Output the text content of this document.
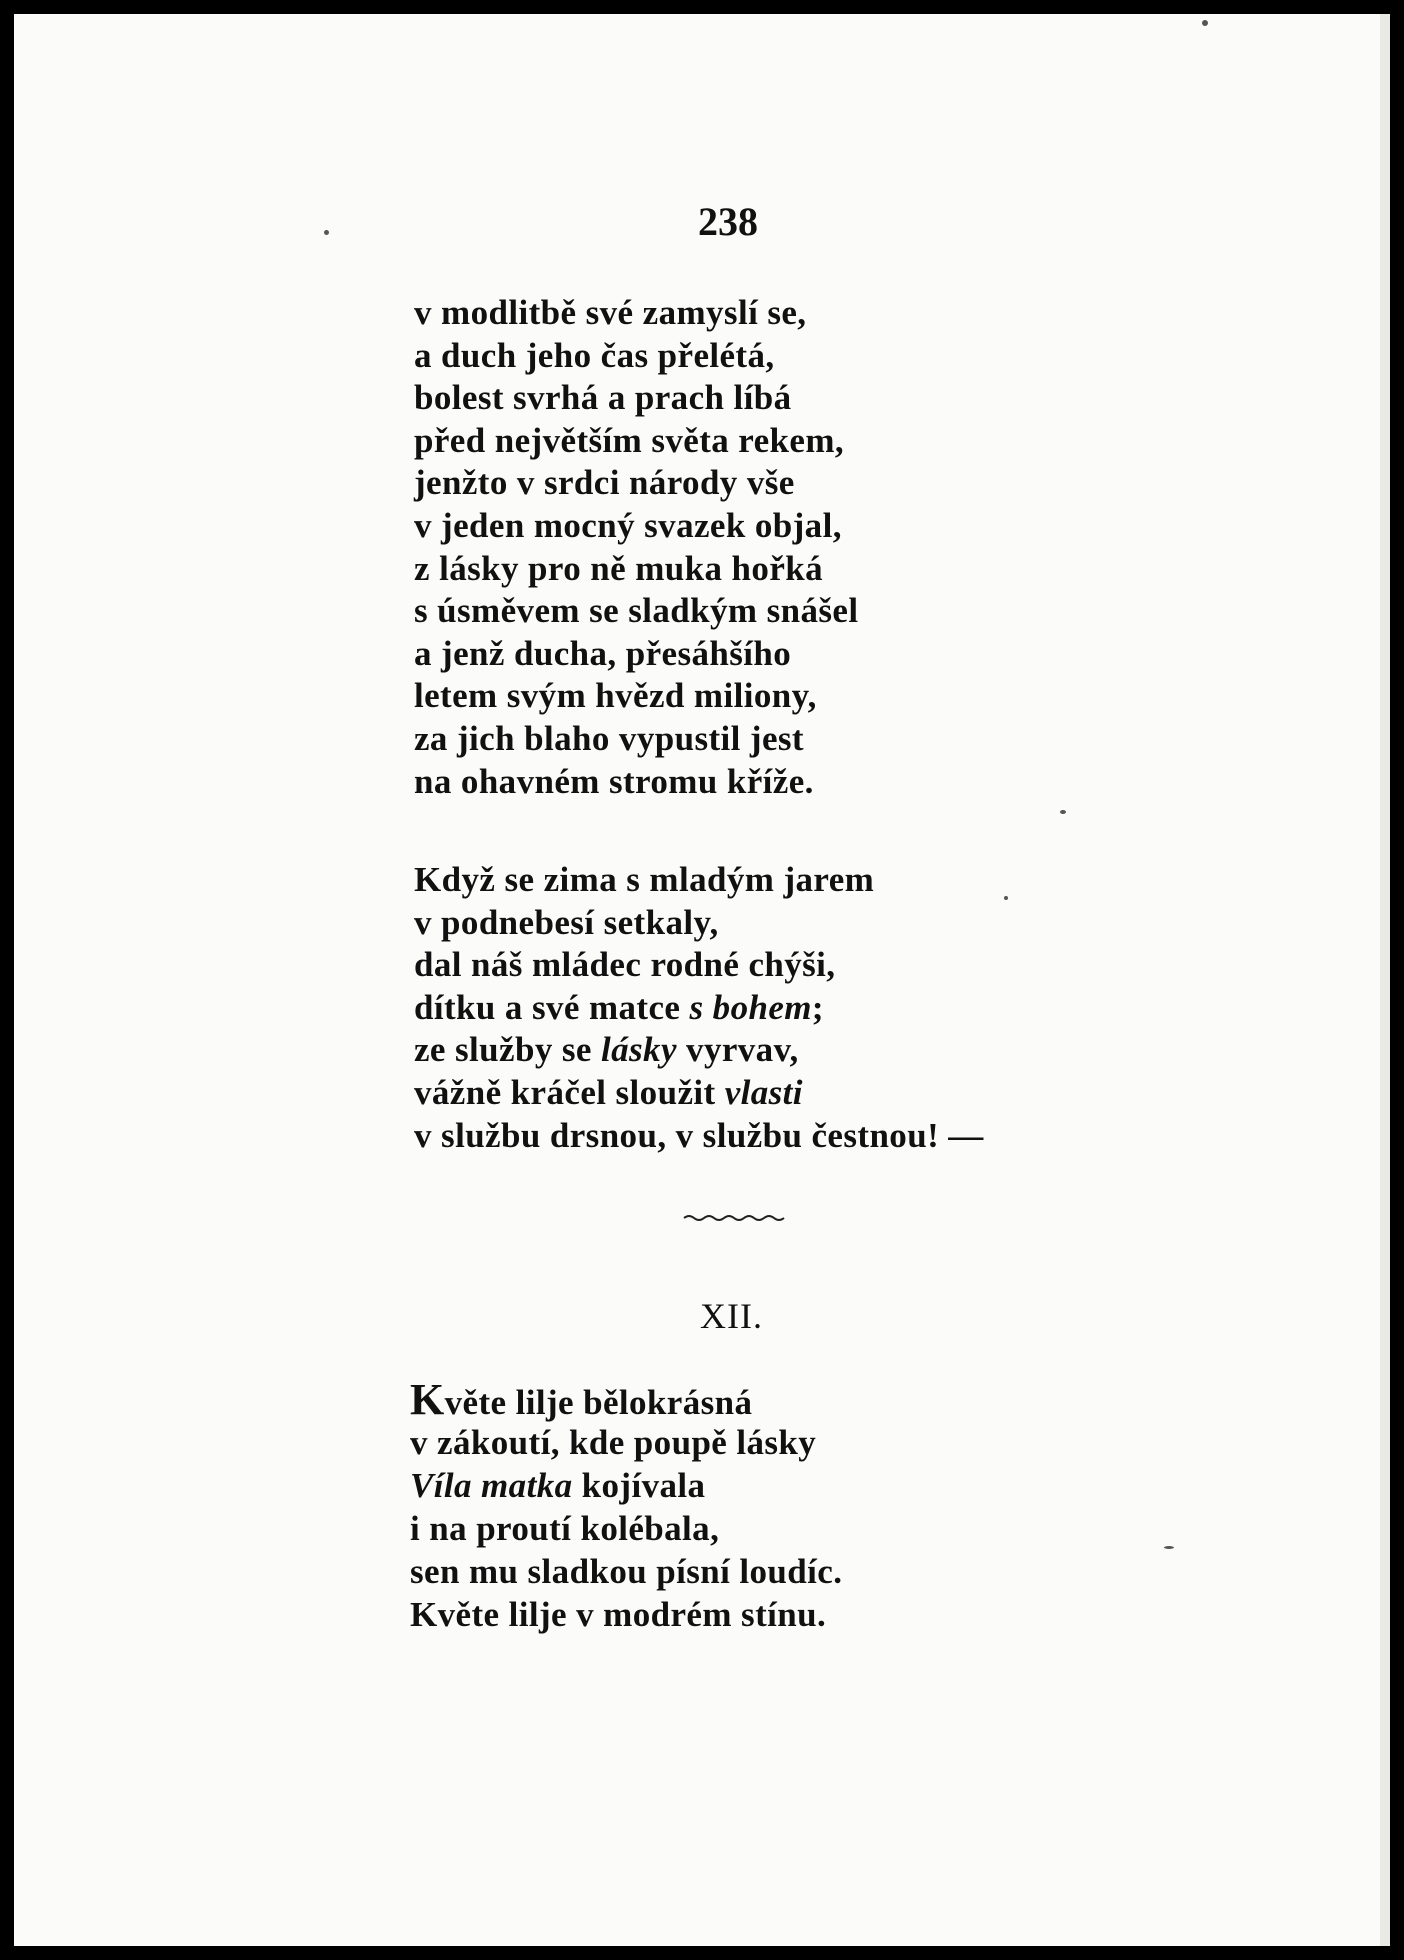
238
v modlitbě své zamyslí se,
a duch jeho čas přelétá,
bolest svrhá a prach líbá
před největším světa rekem,
jenžto v srdci národy vše
v jeden mocný svazek objal,
z lásky pro ně muka hořká
s úsměvem se sladkým snášel
a jenž ducha, přesáhšího
letem svým hvězd miliony,
za jich blaho vypustil jest
na ohavném stromu kříže.
Když se zima s mladým jarem
v podnebesí setkaly,
dal náš mládec rodné chýši,
dítku a své matce s bohem;
ze služby se lásky vyrvav,
vážně kráčel sloužit vlasti
v službu drsnou, v službu čestnou! —
XII.
Květe lilje bělokrásná
v zákoutí, kde poupě lásky
Víla matka kojívala
i na proutí kolébala,
sen mu sladkou písní loudíc.
Květe lilje v modrém stínu.
